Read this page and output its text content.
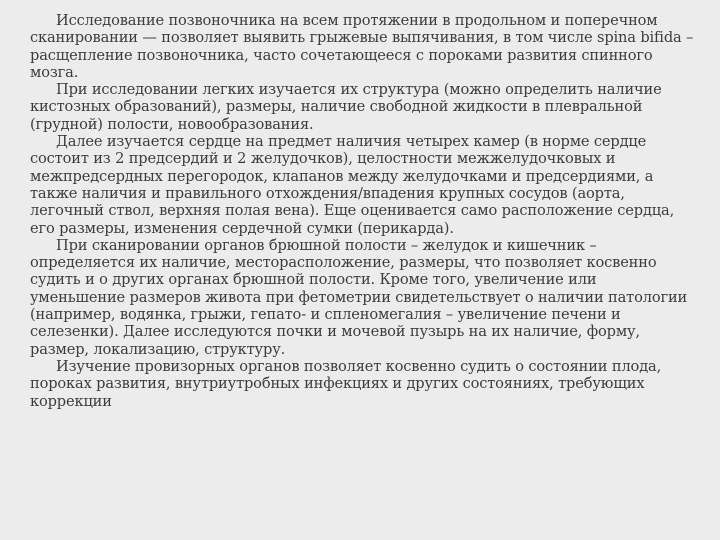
Исследование позвоночника на всем протяжении в продольном и поперечном сканировании — позволяет выявить грыжевые выпячивания, в том числе spina bifida – расщепление позвоночника, часто сочетающееся с пороками развития спинного мозга.

При исследовании легких изучается их структура (можно определить наличие кистозных образований), размеры, наличие свободной жидкости в плевральной (грудной) полости, новообразования.

Далее изучается сердце на предмет наличия четырех камер (в норме сердце состоит из 2 предсердий и 2 желудочков), целостности межжелудочковых и межпредсердных перегородок, клапанов между желудочками и предсердиями, а также наличия и правильного отхождения/впадения крупных сосудов (аорта, легочный ствол, верхняя полая вена). Еще оценивается само расположение сердца, его размеры, изменения сердечной сумки (перикарда).

При сканировании органов брюшной полости – желудок и кишечник – определяется их наличие, месторасположение, размеры, что позволяет косвенно судить и о других органах брюшной полости. Кроме того, увеличение или уменьшение размеров живота при фетометрии свидетельствует о наличии патологии (например, водянка, грыжи, гепато- и спленомегалия – увеличение печени и селезенки). Далее исследуются почки и мочевой пузырь на их наличие, форму, размер, локализацию, структуру.

Изучение провизорных органов позволяет косвенно судить о состоянии плода, пороках развития, внутриутробных инфекциях и других состояниях, требующих коррекции
